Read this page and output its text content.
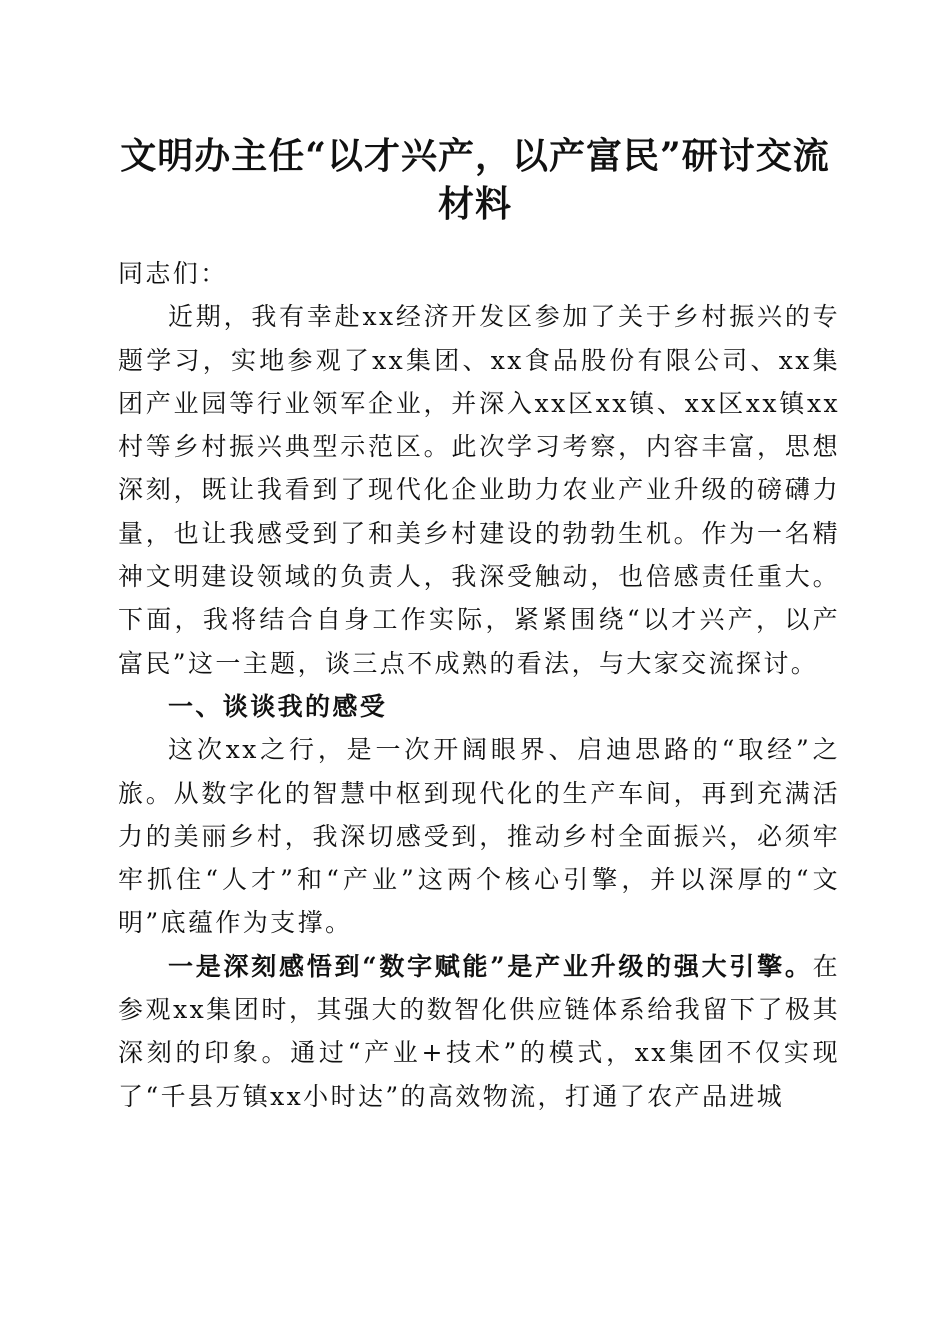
文明办主任“以才兴产，以产富民”研讨交流材料

同志们：

近期，我有幸赴xx经济开发区参加了关于乡村振兴的专题学习，实地参观了xx集团、xx食品股份有限公司、xx集团产业园等行业领军企业，并深入xx区xx镇、xx区xx镇xx村等乡村振兴典型示范区。此次学习考察，内容丰富，思想深刻，既让我看到了现代化企业助力农业产业升级的磅礴力量，也让我感受到了和美乡村建设的勃勃生机。作为一名精神文明建设领域的负责人，我深受触动，也倍感责任重大。下面，我将结合自身工作实际，紧紧围绕“以才兴产，以产富民”这一主题，谈三点不成熟的看法，与大家交流探讨。

一、谈谈我的感受

这次xx之行，是一次开阔眼界、启迪思路的“取经”之旅。从数字化的智慧中枢到现代化的生产车间，再到充满活力的美丽乡村，我深切感受到，推动乡村全面振兴，必须牢牢抓住“人才”和“产业”这两个核心引擎，并以深厚的“文明”底蕴作为支撑。

一是深刻感悟到“数字赋能”是产业升级的强大引擎。在参观xx集团时，其强大的数智化供应链体系给我留下了极其深刻的印象。通过“产业+技术”的模式，xx集团不仅实现了“千县万镇xx小时达”的高效物流，打通了农产品进城
